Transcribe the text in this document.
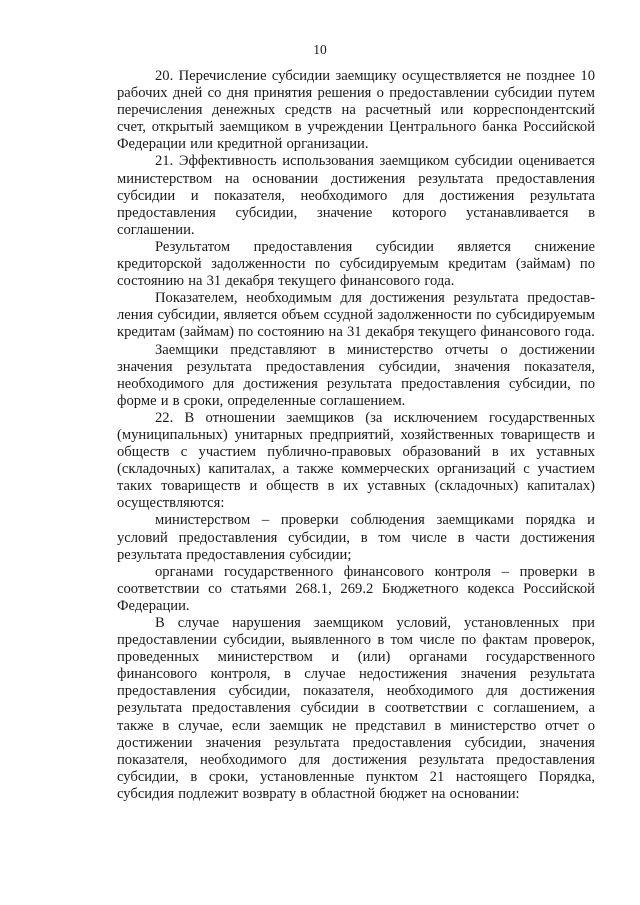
10

20. Перечисление субсидии заемщику осуществляется не позднее 10 рабочих дней со дня принятия решения о предоставлении субсидии путем перечисления денежных средств на расчетный или корреспондентский счет, открытый заемщиком в учреждении Центрального банка Российской Федерации или кредитной организации.

21. Эффективность использования заемщиком субсидии оценивается министерством на основании достижения результата предоставления субсидии и показателя, необходимого для достижения результата предоставления субсидии, значение которого устанавливается в соглашении.

Результатом предоставления субсидии является снижение кредиторской задолженности по субсидируемым кредитам (займам) по состоянию на 31 декабря текущего финансового года.

Показателем, необходимым для достижения результата предоставления субсидии, является объем ссудной задолженности по субсидируемым кредитам (займам) по состоянию на 31 декабря текущего финансового года.

Заемщики представляют в министерство отчеты о достижении значения результата предоставления субсидии, значения показателя, необходимого для достижения результата предоставления субсидии, по форме и в сроки, определенные соглашением.

22. В отношении заемщиков (за исключением государственных (муниципальных) унитарных предприятий, хозяйственных товариществ и обществ с участием публично-правовых образований в их уставных (складочных) капиталах, а также коммерческих организаций с участием таких товариществ и обществ в их уставных (складочных) капиталах) осуществляются:

министерством – проверки соблюдения заемщиками порядка и условий предоставления субсидии, в том числе в части достижения результата предоставления субсидии;

органами государственного финансового контроля – проверки в соответствии со статьями 268.1, 269.2 Бюджетного кодекса Российской Федерации.

В случае нарушения заемщиком условий, установленных при предоставлении субсидии, выявленного в том числе по фактам проверок, проведенных министерством и (или) органами государственного финансового контроля, в случае недостижения значения результата предоставления субсидии, показателя, необходимого для достижения результата предоставления субсидии в соответствии с соглашением, а также в случае, если заемщик не представил в министерство отчет о достижении значения результата предоставления субсидии, значения показателя, необходимого для достижения результата предоставления субсидии, в сроки, установленные пунктом 21 настоящего Порядка, субсидия подлежит возврату в областной бюджет на основании:
